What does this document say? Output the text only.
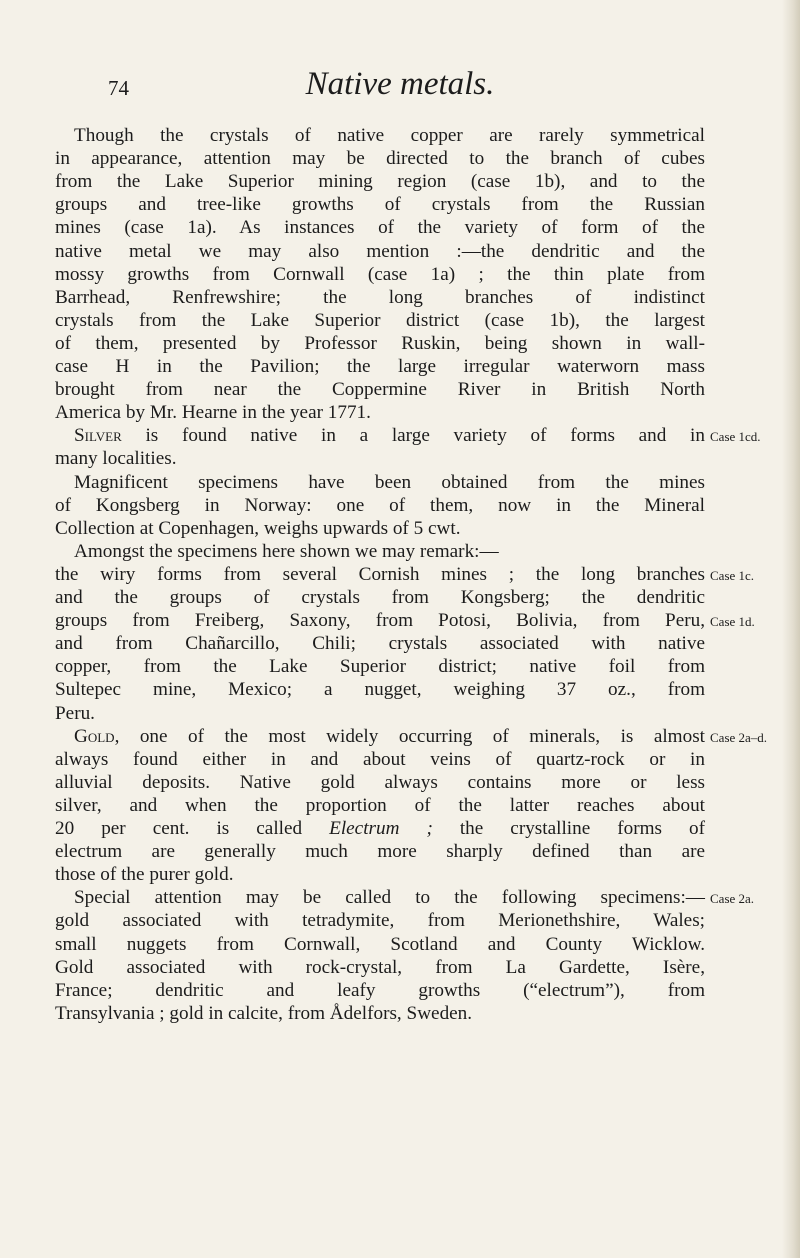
74	Native metals.
Though the crystals of native copper are rarely symmetrical
in appearance, attention may be directed to the branch of cubes
from the Lake Superior mining region (case 1b), and to the
groups and tree-like growths of crystals from the Russian
mines (case 1a). As instances of the variety of form of the
native metal we may also mention :—the dendritic and the
mossy growths from Cornwall (case 1a) ; the thin plate from
Barrhead, Renfrewshire; the long branches of indistinct
crystals from the Lake Superior district (case 1b), the largest
of them, presented by Professor Ruskin, being shown in wall-
case H in the Pavilion; the large irregular waterworn mass
brought from near the Coppermine River in British North
America by Mr. Hearne in the year 1771.
Silver is found native in a large variety of forms and in Case 1cd.
many localities.
Magnificent specimens have been obtained from the mines
of Kongsberg in Norway: one of them, now in the Mineral
Collection at Copenhagen, weighs upwards of 5 cwt.
Amongst the specimens here shown we may remark:—
the wiry forms from several Cornish mines ; the long branches Case 1c.
and the groups of crystals from Kongsberg; the dendritic
groups from Freiberg, Saxony, from Potosi, Bolivia, from Peru, Case 1d.
and from Chañarcillo, Chili; crystals associated with native
copper, from the Lake Superior district; native foil from
Sultepec mine, Mexico; a nugget, weighing 37 oz., from
Peru.
Gold, one of the most widely occurring of minerals, is almost Case 2a–d.
always found either in and about veins of quartz-rock or in
alluvial deposits. Native gold always contains more or less
silver, and when the proportion of the latter reaches about
20 per cent. is called Electrum ; the crystalline forms of
electrum are generally much more sharply defined than are
those of the purer gold.
Special attention may be called to the following specimens:— Case 2a.
gold associated with tetradymite, from Merionethshire, Wales;
small nuggets from Cornwall, Scotland and County Wicklow.
Gold associated with rock-crystal, from La Gardette, Isère,
France; dendritic and leafy growths (“electrum”), from
Transylvania ; gold in calcite, from Ådelfors, Sweden.
